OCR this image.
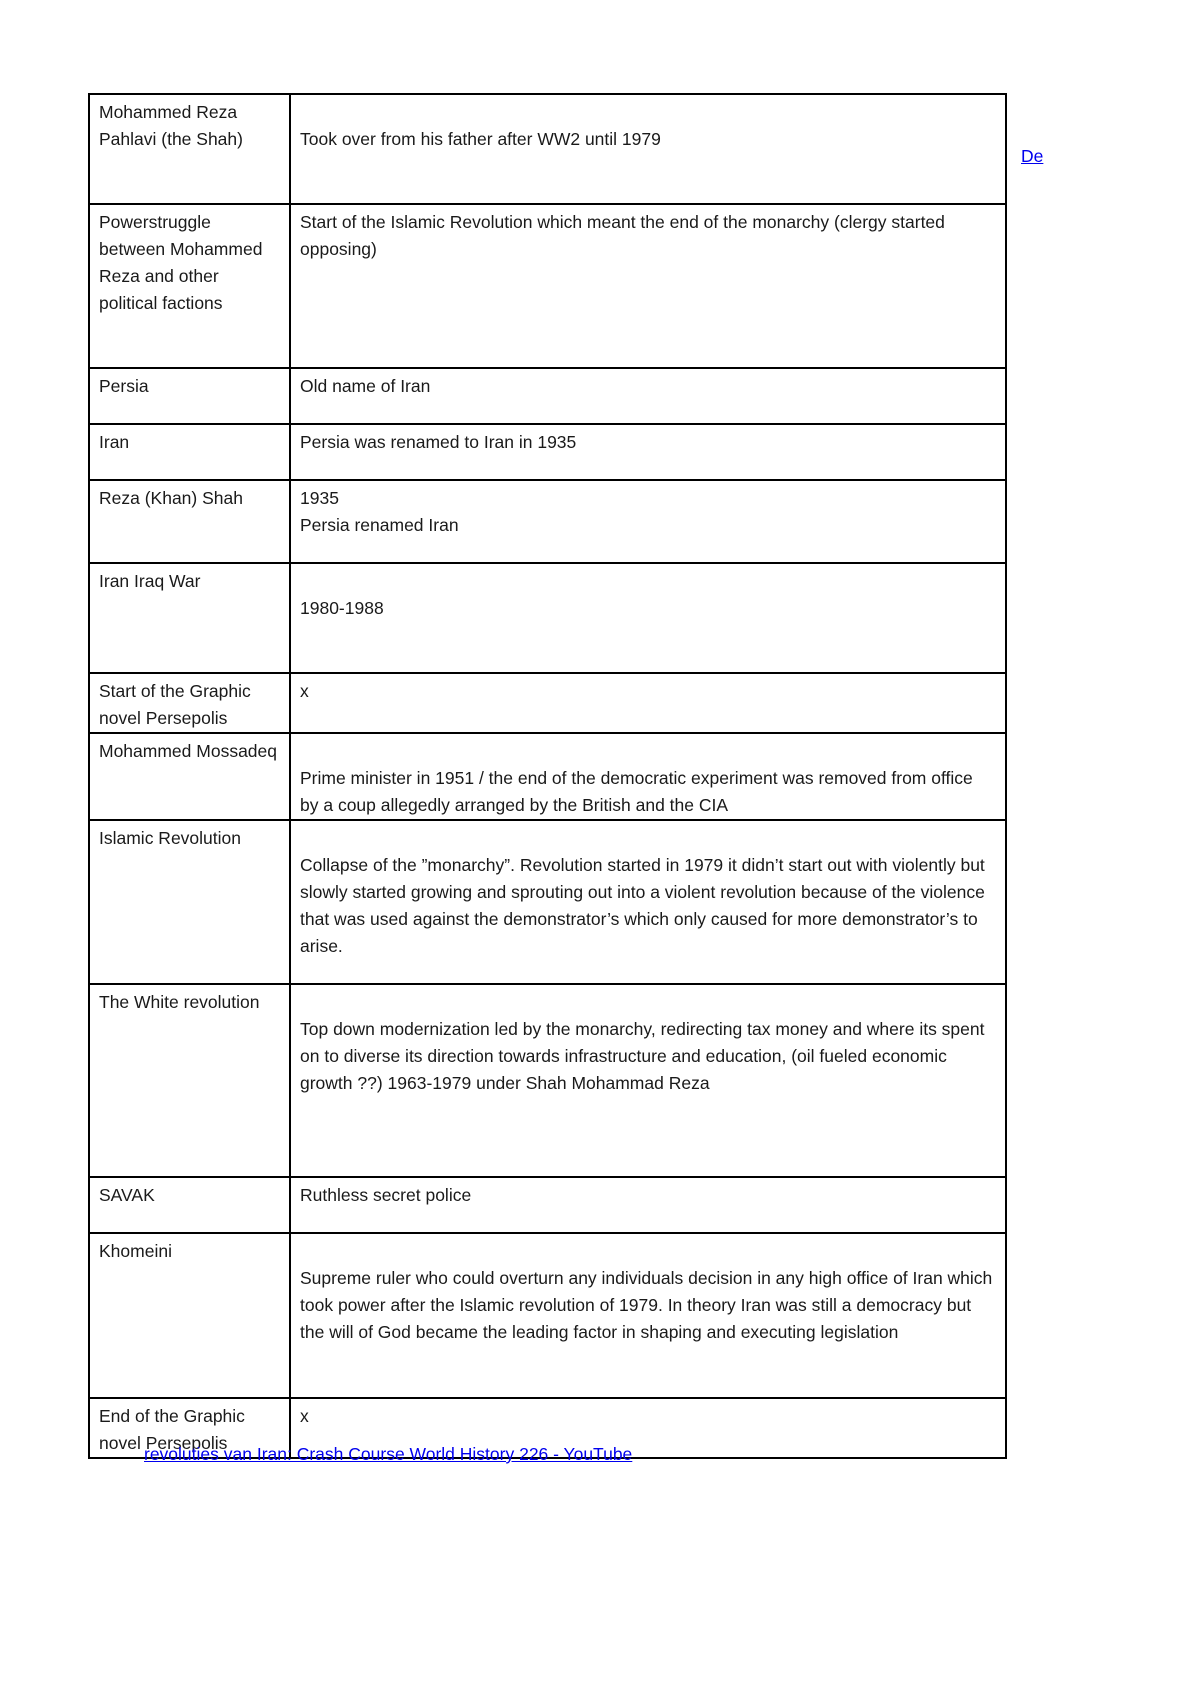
De
Mohammed Reza Pahlavi (the Shah)	Took over from his father after WW2 until 1979

Powerstruggle between Mohammed Reza and other political factions	Start of the Islamic Revolution which meant the end of the monarchy (clergy started opposing)
Persia	Old name of Iran
Iran	Persia was renamed to Iran in 1935
Reza (Khan) Shah	1935
Persia renamed Iran

Iran Iraq War	1980-1988

Start of the Graphic novel Persepolis	x
Mohammed Mossadeq	Prime minister in 1951 / the end of the democratic experiment was removed from office by a coup allegedly arranged by the British and the CIA

Islamic Revolution	Collapse of the ”monarchy”. Revolution started in 1979 it didn’t start out with violently but slowly started growing and sprouting out into a violent revolution because of the violence that was used against the demonstrator’s which only caused for more demonstrator’s to arise.

The White revolution	Top down modernization led by the monarchy, redirecting tax money and where its spent on to diverse its direction towards infrastructure and education, (oil fueled economic growth ??) 1963-1979 under Shah Mohammad Reza

SAVAK	Ruthless secret police
Khomeini	Supreme ruler who could overturn any individuals decision in any high office of Iran which took power after the Islamic revolution of 1979. In theory Iran was still a democracy but the will of God became the leading factor in shaping and executing legislation

End of the Graphic novel Persepolis	x
revoluties van Iran: Crash Course World History 226 - YouTube
